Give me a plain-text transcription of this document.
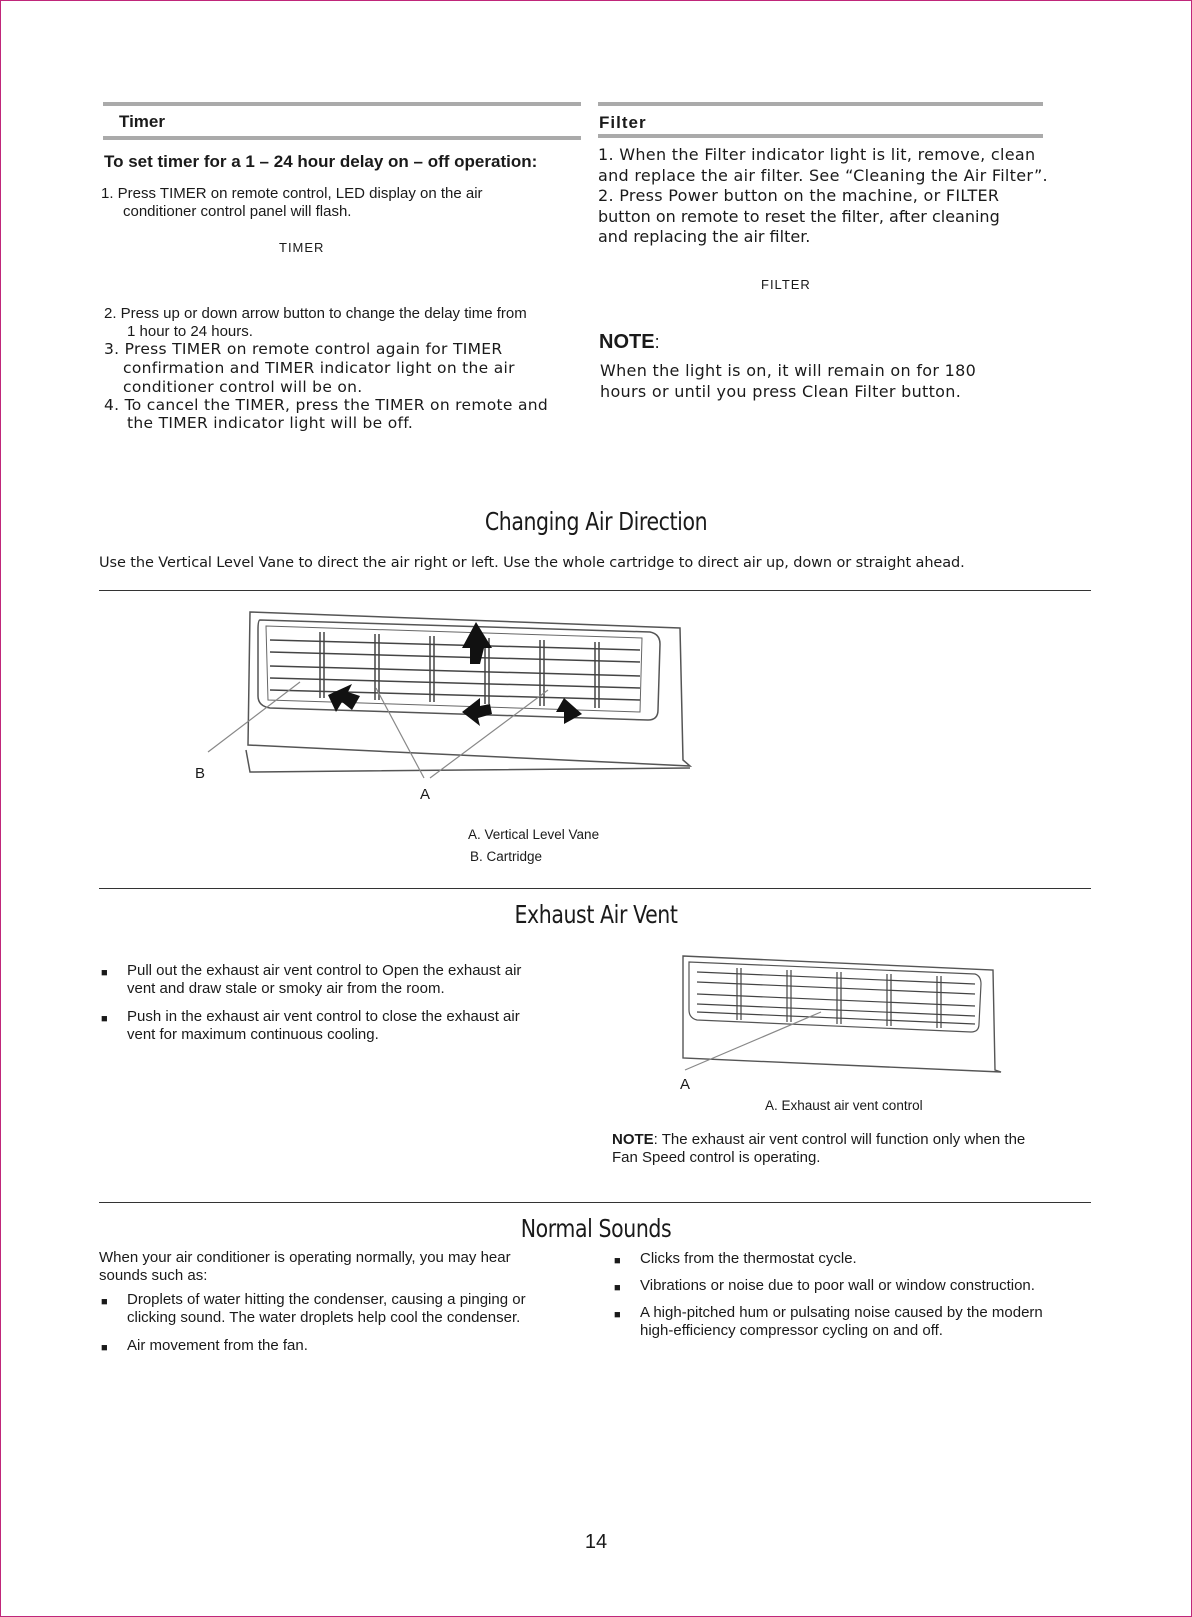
Timer
To set timer for a 1 – 24 hour delay on – off operation:
1. Press TIMER on remote control, LED display on the air
conditioner control panel will flash.
TIMER
2. Press up or down arrow button to change the delay time from
1 hour to 24 hours.
3. Press TIMER on remote control again for TIMER
confirmation and TIMER indicator light on the air
conditioner control will be on.
4. To cancel the TIMER, press the TIMER on remote and
the TIMER indicator light will be off.
Filter
1. When the Filter indicator light is lit, remove, clean
and replace the air filter. See “Cleaning the Air Filter”.
2. Press Power button on the machine, or FILTER
button on remote to reset the filter, after cleaning
and replacing the air filter.
FILTER
NOTE:
When the light is on, it will remain on for 180
hours or until you press Clean Filter button.
Changing Air Direction
Use the Vertical Level Vane to direct the air right or left. Use the whole cartridge to direct air up, down or straight ahead.
B
A
A. Vertical Level Vane
B. Cartridge
Exhaust Air Vent
■ Pull out the exhaust air vent control to Open the exhaust air
vent and draw stale or smoky air from the room.
■ Push in the exhaust air vent control to close the exhaust air
vent for maximum continuous cooling.
A
A. Exhaust air vent control
NOTE: The exhaust air vent control will function only when the
Fan Speed control is operating.
Normal Sounds
When your air conditioner is operating normally, you may hear
sounds such as:
■ Droplets of water hitting the condenser, causing a pinging or
clicking sound. The water droplets help cool the condenser.
■ Air movement from the fan.
■ Clicks from the thermostat cycle.
■ Vibrations or noise due to poor wall or window construction.
■ A high-pitched hum or pulsating noise caused by the modern
high-efficiency compressor cycling on and off.
14
